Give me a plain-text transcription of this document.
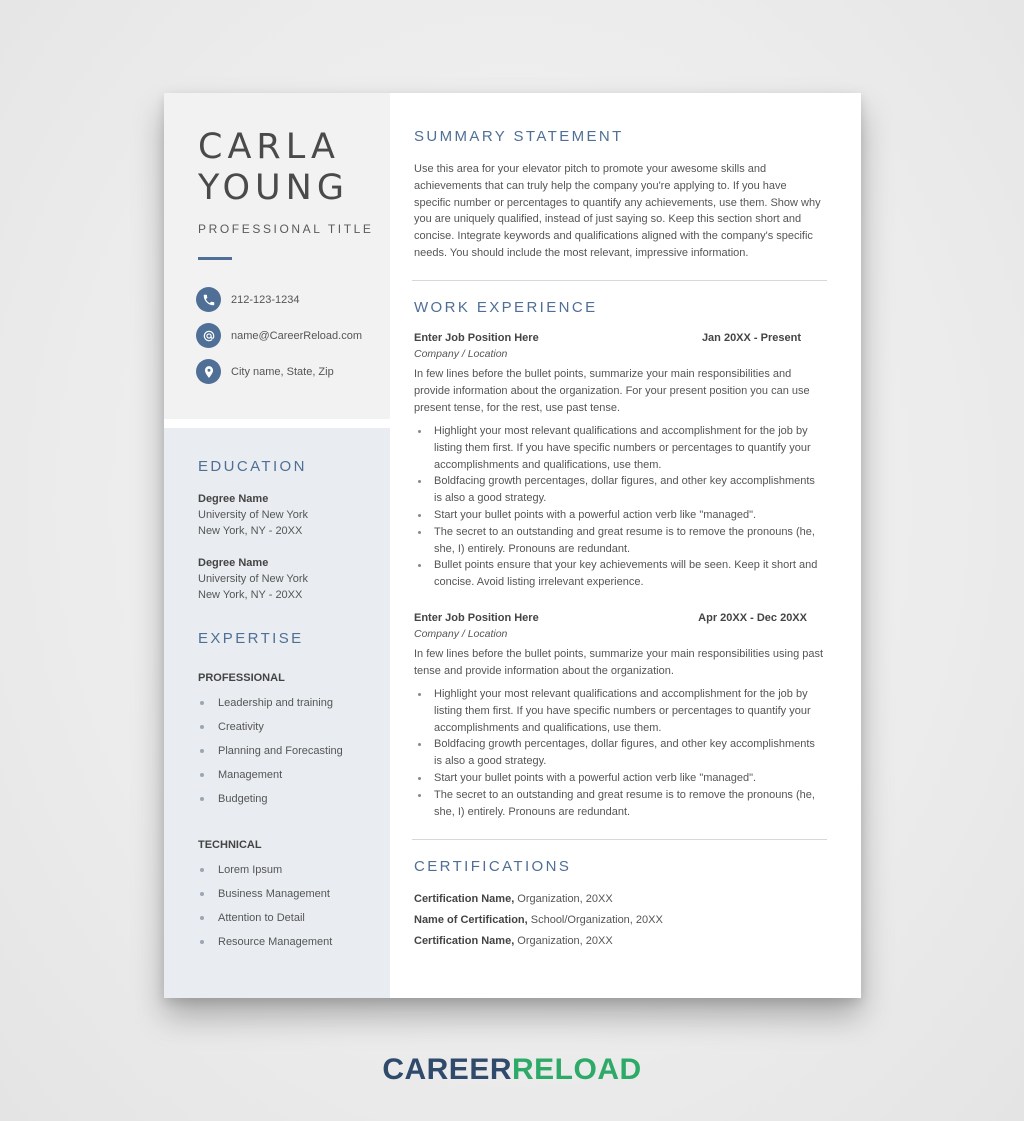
CARLA
YOUNG
PROFESSIONAL TITLE
212-123-1234
name@CareerReload.com
City name, State, Zip
EDUCATION
Degree Name
University of New York
New York, NY - 20XX
Degree Name
University of New York
New York, NY - 20XX
EXPERTISE
PROFESSIONAL
Leadership and training
Creativity
Planning and Forecasting
Management
Budgeting
TECHNICAL
Lorem Ipsum
Business Management
Attention to Detail
Resource Management
SUMMARY STATEMENT

Use this area for your elevator pitch to promote your awesome skills and achievements that can truly help the company you're applying to. If you have specific number or percentages to quantify any achievements, use them. Show why you are uniquely qualified, instead of just saying so. Keep this section short and concise. Integrate keywords and qualifications aligned with the company's specific needs. You should include the most relevant, impressive information.

WORK EXPERIENCE
Enter Job Position Here	Jan 20XX - Present
Company / Location

In few lines before the bullet points, summarize your main responsibilities and provide information about the organization. For your present position you can use present tense, for the rest, use past tense.

Highlight your most relevant qualifications and accomplishment for the job by listing them first. If you have specific numbers or percentages to quantify your accomplishments and qualifications, use them.
Boldfacing growth percentages, dollar figures, and other key accomplishments is also a good strategy.
Start your bullet points with a powerful action verb like "managed".
The secret to an outstanding and great resume is to remove the pronouns (he, she, I) entirely. Pronouns are redundant.
Bullet points ensure that your key achievements will be seen. Keep it short and concise. Avoid listing irrelevant experience.
Enter Job Position Here	Apr 20XX - Dec 20XX
Company / Location

In few lines before the bullet points, summarize your main responsibilities using past tense and provide information about the organization.

Highlight your most relevant qualifications and accomplishment for the job by listing them first. If you have specific numbers or percentages to quantify your accomplishments and qualifications, use them.
Boldfacing growth percentages, dollar figures, and other key accomplishments is also a good strategy.
Start your bullet points with a powerful action verb like "managed".
The secret to an outstanding and great resume is to remove the pronouns (he, she, I) entirely. Pronouns are redundant.
CERTIFICATIONS
Certification Name, Organization, 20XX
Name of Certification, School/Organization, 20XX
Certification Name, Organization, 20XX
CAREERRELOAD
